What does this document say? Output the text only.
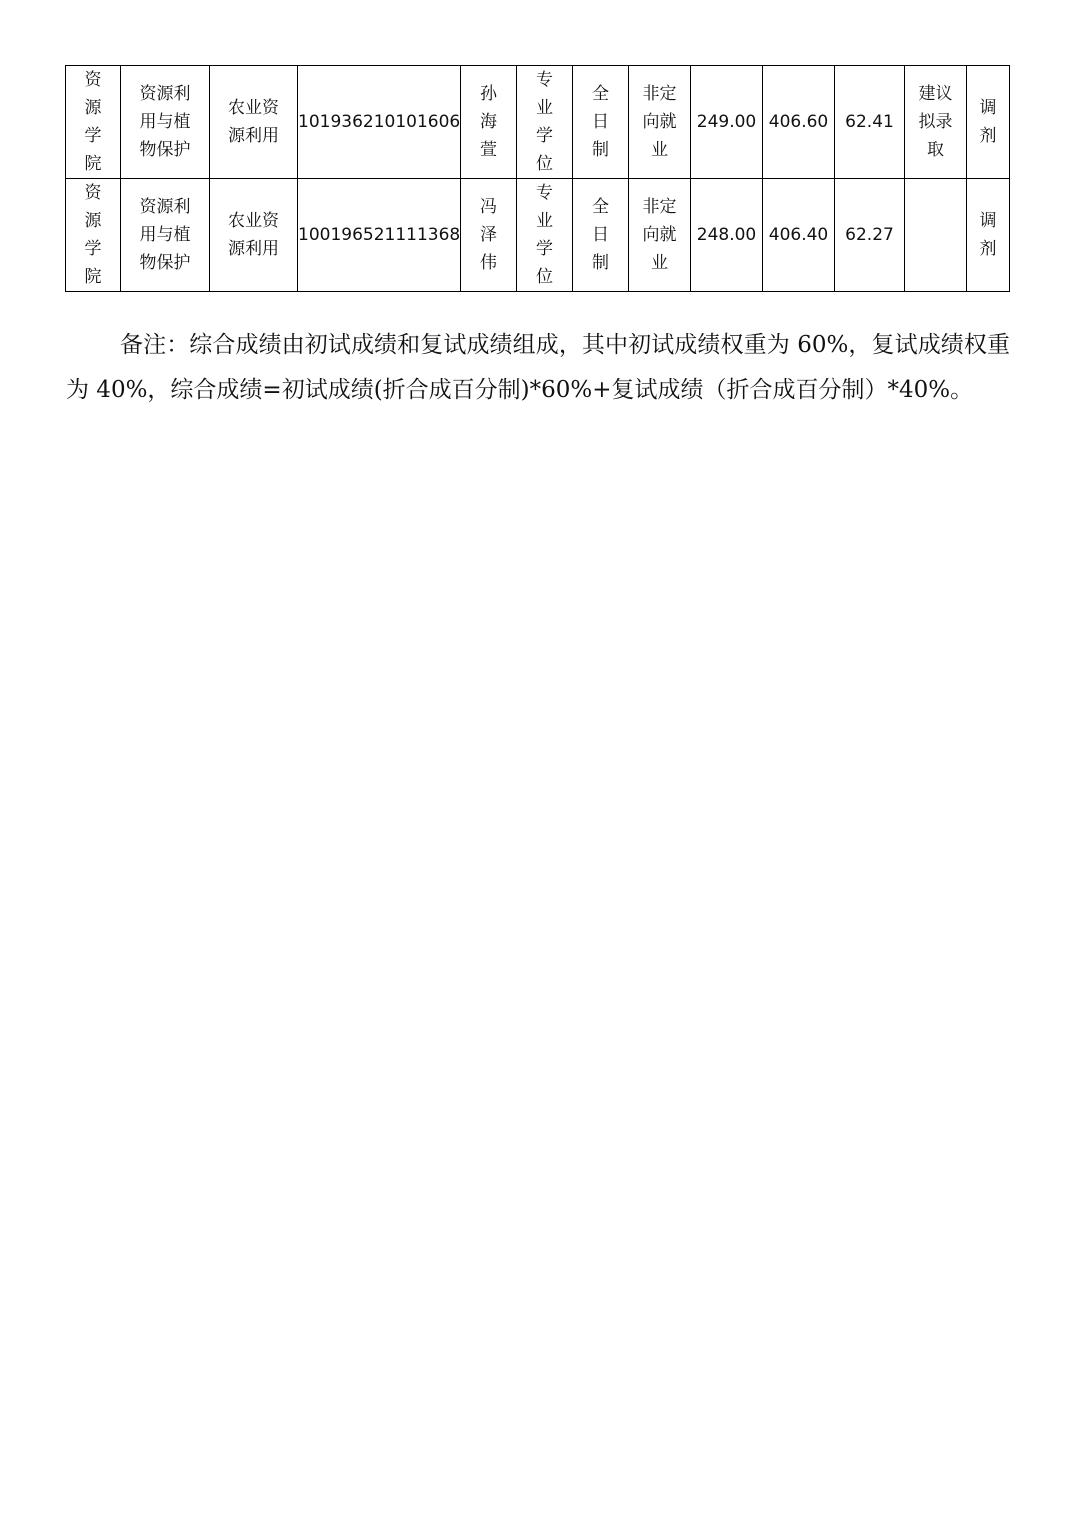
资
源
学
院	资源利
用与植
物保护	农业资
源利用	101936210101606	孙
海
萱	专
业
学
位	全
日
制	非定
向就
业	249.00	406.60	62.41	建议
拟录
取	调
剂
资
源
学
院	资源利
用与植
物保护	农业资
源利用	100196521111368	冯
泽
伟	专
业
学
位	全
日
制	非定
向就
业	248.00	406.40	62.27		调
剂

备注：综合成绩由初试成绩和复试成绩组成，其中初试成绩权重为 60%，复试成绩权重为 40%，综合成绩=初试成绩(折合成百分制)*60%+复试成绩（折合成百分制）*40%。
